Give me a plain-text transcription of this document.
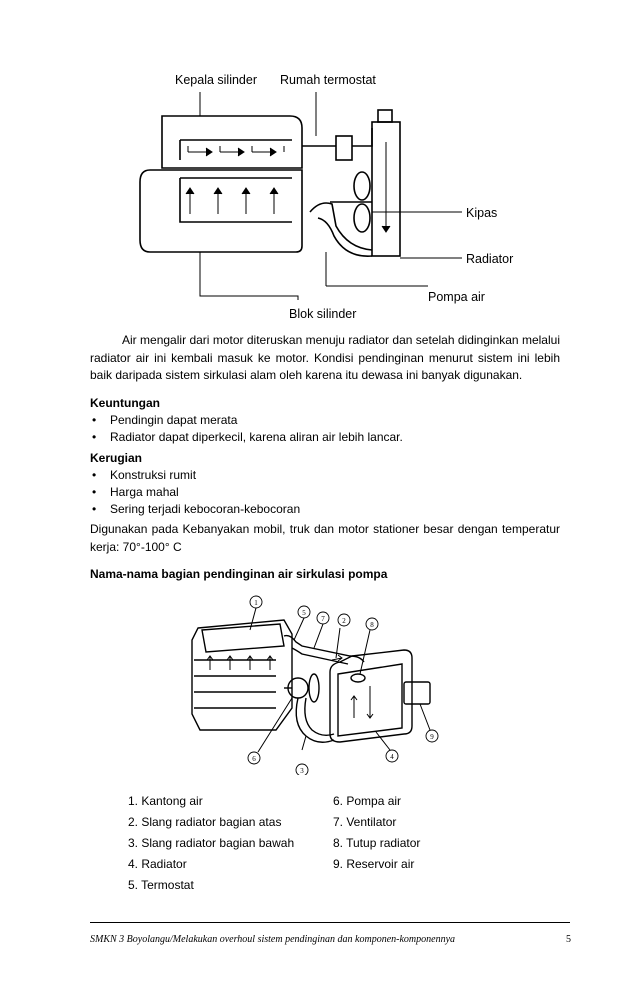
Kepala silinder Rumah termostat
Kipas
Radiator
Pompa air
Blok silinder
Air mengalir dari motor diteruskan menuju radiator dan setelah didinginkan melalui radiator air ini kembali masuk ke motor. Kondisi pendinginan menurut sistem ini lebih baik daripada sistem sirkulasi alam oleh karena itu dewasa ini banyak digunakan.
Keuntungan
• Pendingin dapat merata
• Radiator dapat diperkecil, karena aliran air lebih lancar.
Kerugian
• Konstruksi rumit
• Harga mahal
• Sering terjadi kebocoran-kebocoran
Digunakan pada Kebanyakan mobil, truk dan motor stationer besar dengan temperatur kerja: 70°-100° C
Nama-nama bagian pendinginan air sirkulasi pompa
1
2
3
4
5
6
7
8
9
1. Kantong air
2. Slang radiator bagian atas
3. Slang radiator bagian bawah
4. Radiator
5. Termostat
6. Pompa air
7. Ventilator
8. Tutup radiator
9. Reservoir air
SMKN 3 Boyolangu/Melakukan overhoul sistem pendinginan dan komponen-komponennya	5
